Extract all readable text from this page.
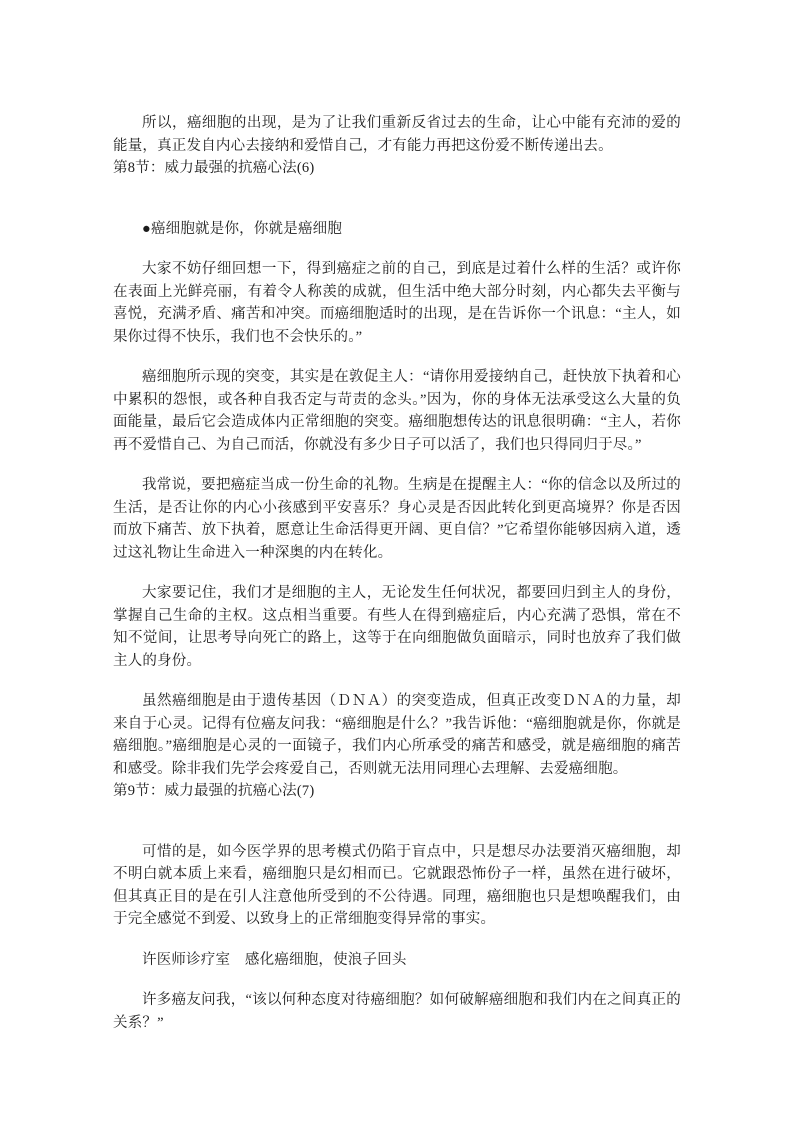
所以，癌细胞的出现，是为了让我们重新反省过去的生命，让心中能有充沛的爱的能量，真正发自内心去接纳和爱惜自己，才有能力再把这份爱不断传递出去。
第8节：威力最强的抗癌心法(6)
●癌细胞就是你，你就是癌细胞
大家不妨仔细回想一下，得到癌症之前的自己，到底是过着什么样的生活？或许你在表面上光鲜亮丽，有着令人称羡的成就，但生活中绝大部分时刻，内心都失去平衡与喜悦，充满矛盾、痛苦和冲突。而癌细胞适时的出现，是在告诉你一个讯息：“主人，如果你过得不快乐，我们也不会快乐的。”
癌细胞所示现的突变，其实是在敦促主人：“请你用爱接纳自己，赶快放下执着和心中累积的怨恨，或各种自我否定与苛责的念头。”因为，你的身体无法承受这么大量的负面能量，最后它会造成体内正常细胞的突变。癌细胞想传达的讯息很明确：“主人，若你再不爱惜自己、为自己而活，你就没有多少日子可以活了，我们也只得同归于尽。”
我常说，要把癌症当成一份生命的礼物。生病是在提醒主人：“你的信念以及所过的生活，是否让你的内心小孩感到平安喜乐？身心灵是否因此转化到更高境界？你是否因而放下痛苦、放下执着，愿意让生命活得更开阔、更自信？”它希望你能够因病入道，透过这礼物让生命进入一种深奥的内在转化。
大家要记住，我们才是细胞的主人，无论发生任何状况，都要回归到主人的身份，掌握自己生命的主权。这点相当重要。有些人在得到癌症后，内心充满了恐惧，常在不知不觉间，让思考导向死亡的路上，这等于在向细胞做负面暗示，同时也放弃了我们做主人的身份。
虽然癌细胞是由于遗传基因（ＤＮＡ）的突变造成，但真正改变ＤＮＡ的力量，却来自于心灵。记得有位癌友问我：“癌细胞是什么？”我告诉他：“癌细胞就是你，你就是癌细胞。”癌细胞是心灵的一面镜子，我们内心所承受的痛苦和感受，就是癌细胞的痛苦和感受。除非我们先学会疼爱自己，否则就无法用同理心去理解、去爱癌细胞。
第9节：威力最强的抗癌心法(7)
可惜的是，如今医学界的思考模式仍陷于盲点中，只是想尽办法要消灭癌细胞，却不明白就本质上来看，癌细胞只是幻相而已。它就跟恐怖份子一样，虽然在进行破坏，但其真正目的是在引人注意他所受到的不公待遇。同理，癌细胞也只是想唤醒我们，由于完全感觉不到爱、以致身上的正常细胞变得异常的事实。
许医师诊疗室　感化癌细胞，使浪子回头
许多癌友问我，“该以何种态度对待癌细胞？如何破解癌细胞和我们内在之间真正的关系？”
